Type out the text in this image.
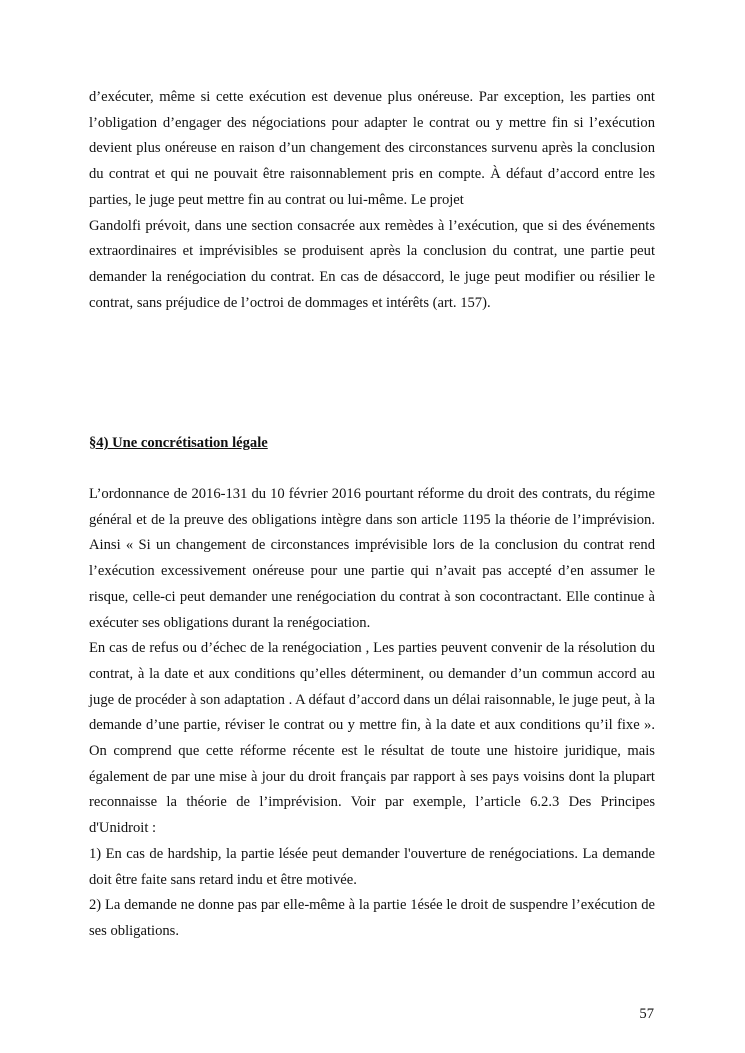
d’exécuter, même si cette exécution est devenue plus onéreuse. Par exception, les parties ont l’obligation d’engager des négociations pour adapter le contrat ou y mettre fin si l’exécution devient plus onéreuse en raison d’un changement des circonstances survenu après la conclusion du contrat et qui ne pouvait être raisonnablement pris en compte. À défaut d’accord entre les parties, le juge peut mettre fin au contrat ou lui-même. Le projet

Gandolfi prévoit, dans une section consacrée aux remèdes à l’exécution, que si des événements extraordinaires et imprévisibles se produisent après la conclusion du contrat, une partie peut demander la renégociation du contrat. En cas de désaccord, le juge peut modifier ou résilier le contrat, sans préjudice de l’octroi de dommages et intérêts (art. 157).

§4) Une concrétisation légale

L’ordonnance de 2016-131 du 10 février 2016 pourtant réforme du droit des contrats, du régime général et de la preuve des obligations intègre dans son article 1195 la théorie de l’imprévision. Ainsi « Si un changement de circonstances imprévisible lors de la conclusion du contrat rend l’exécution excessivement onéreuse pour une partie qui n’avait pas accepté d’en assumer le risque, celle-ci peut demander une renégociation du contrat à son cocontractant. Elle continue à exécuter ses obligations durant la renégociation.

En cas de refus ou d’échec de la renégociation , Les parties peuvent convenir de la résolution du contrat, à la date et aux conditions qu’elles déterminent, ou demander d’un commun accord au juge de procéder à son adaptation . A défaut d’accord dans un délai raisonnable, le juge peut, à la demande d’une partie, réviser le contrat ou y mettre fin, à la date et aux conditions qu’il fixe ». On comprend que cette réforme récente est le résultat de toute une histoire juridique, mais également de par une mise à jour du droit français par rapport à ses pays voisins dont la plupart reconnaisse la théorie de l’imprévision. Voir par exemple, l’article 6.2.3 Des Principes d'Unidroit :

1) En cas de hardship, la partie lésée peut demander l'ouverture de renégociations. La demande doit être faite sans retard indu et être motivée.

2) La demande ne donne pas par elle-même à la partie 1ésée le droit de suspendre l’exécution de ses obligations.

57
